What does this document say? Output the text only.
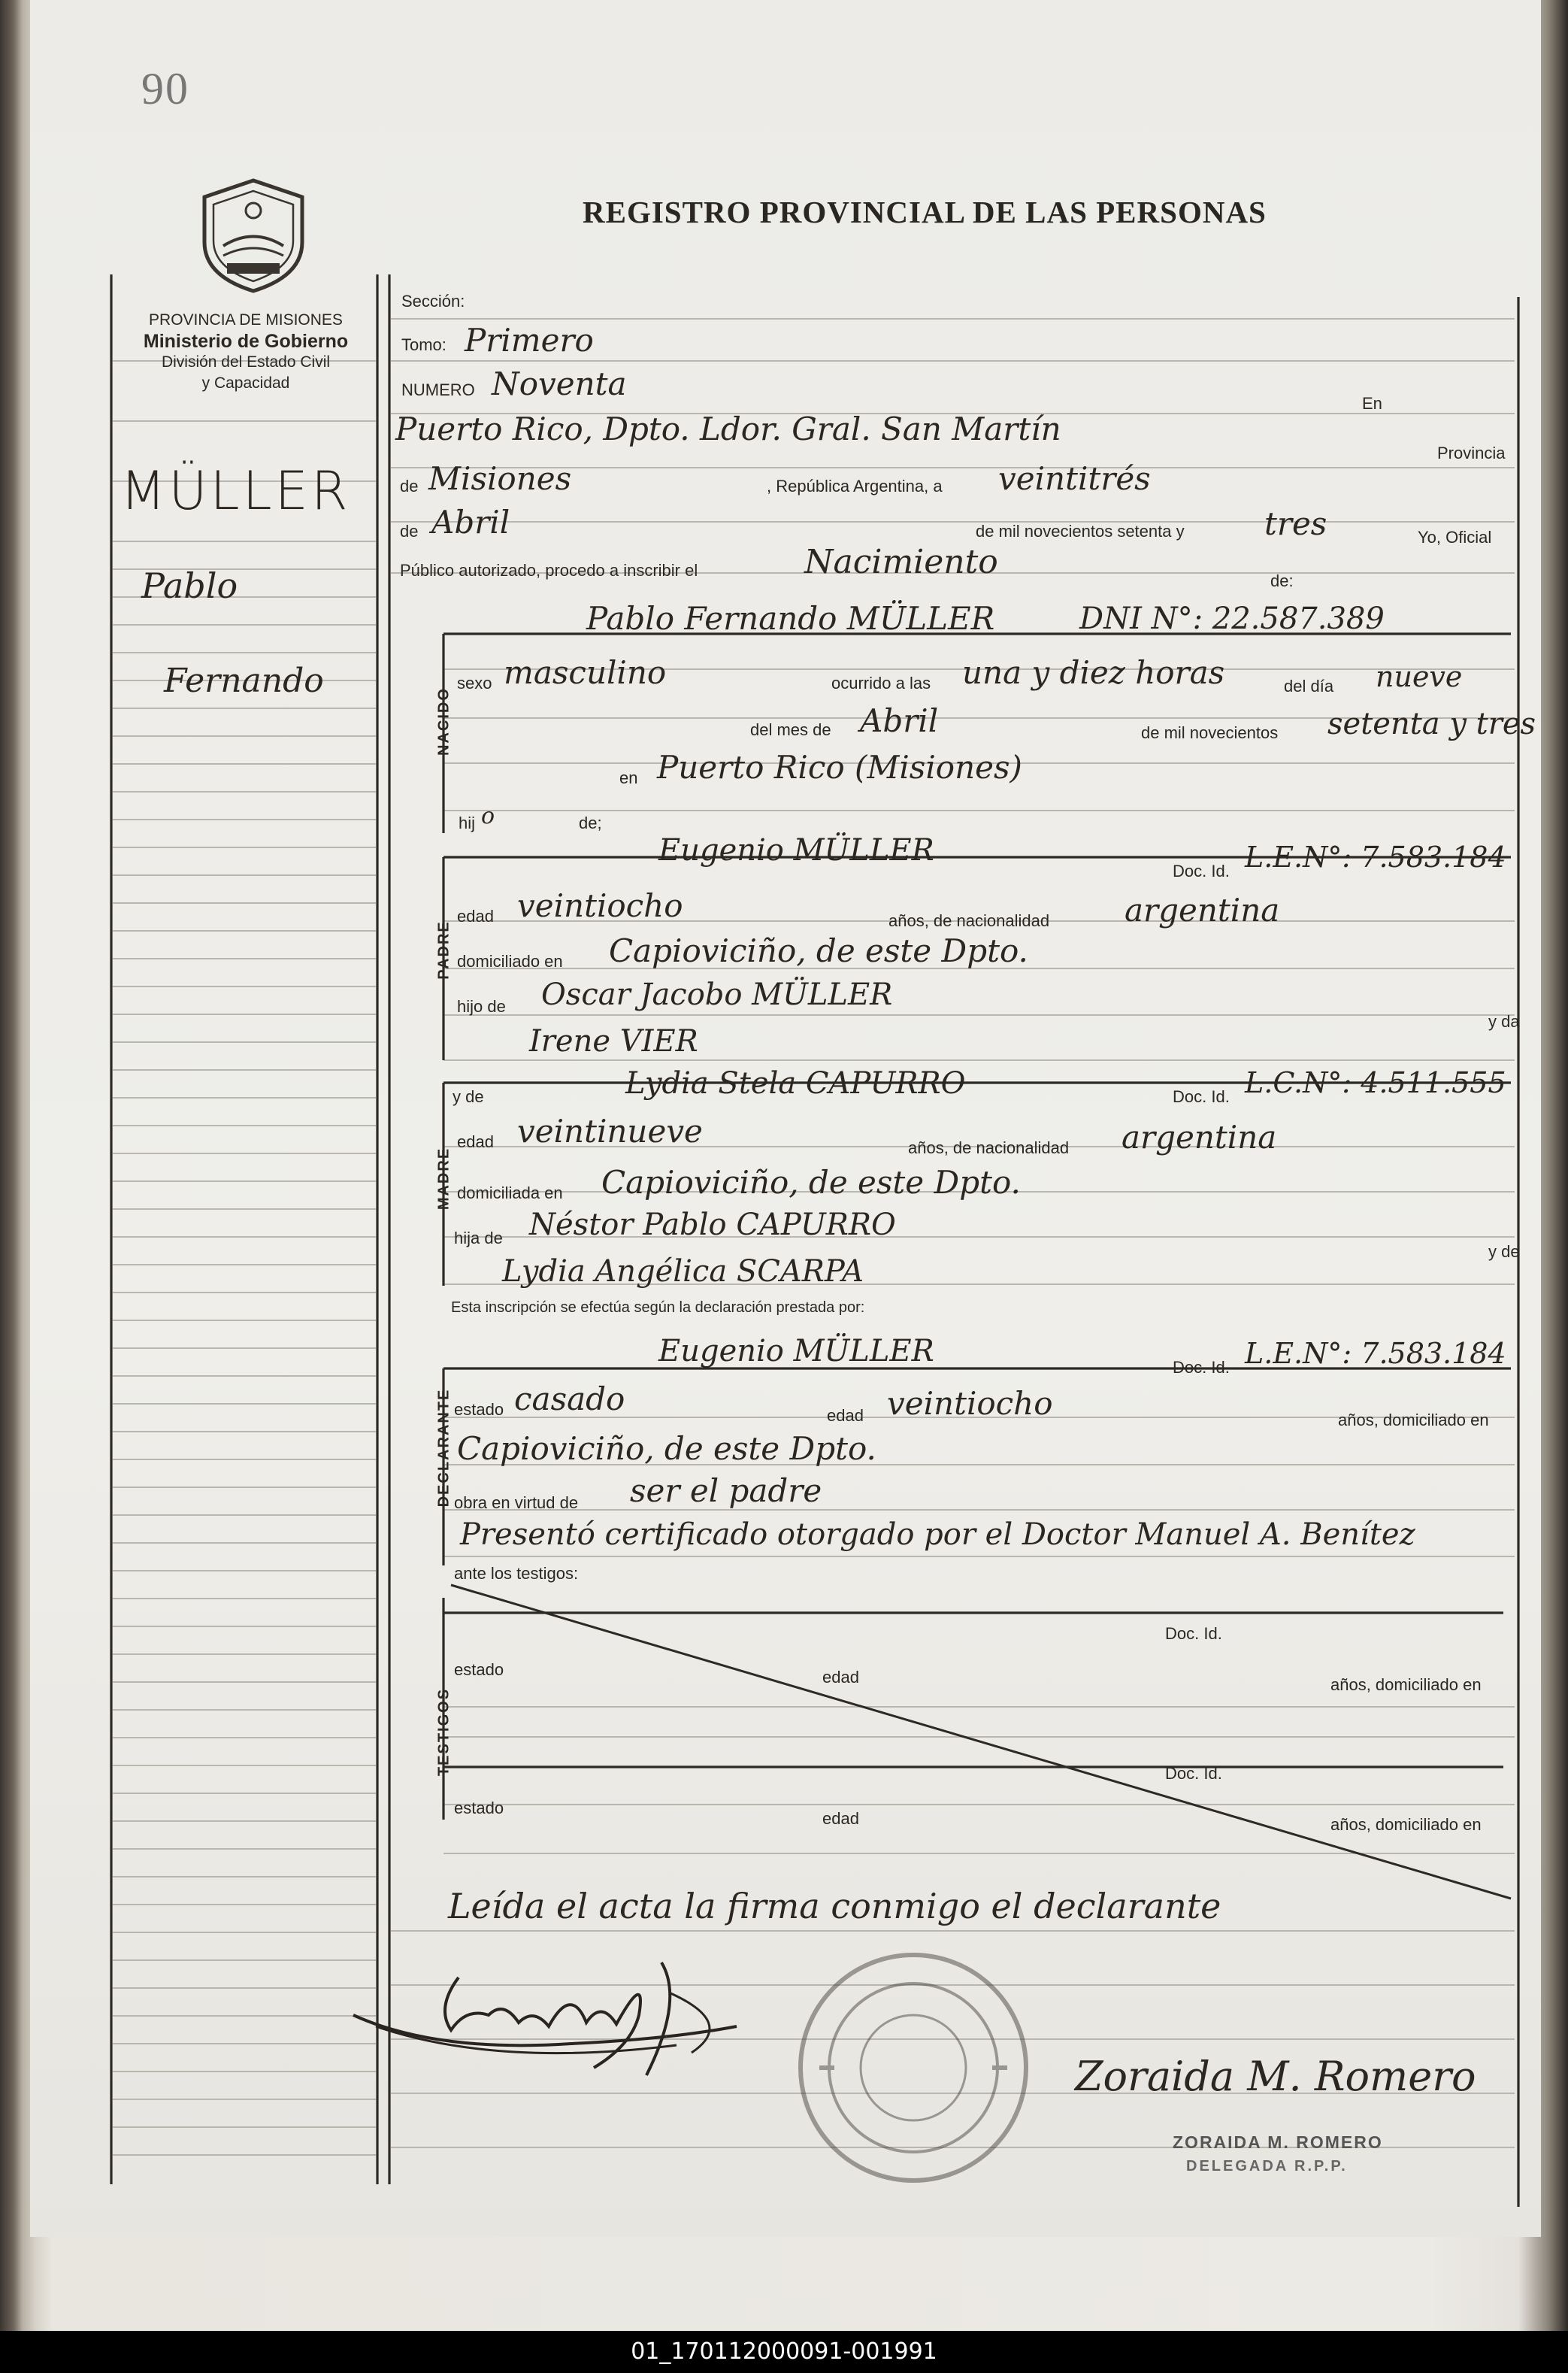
90
PROVINCIA DE MISIONES
Ministerio de Gobierno
División del Estado Civil
y Capacidad
REGISTRO PROVINCIAL DE LAS PERSONAS
MÜLLER
Pablo
Fernando
Sección:
Tomo: Primero
NUMERO Noventa
En
Puerto Rico, Dpto. Ldor. Gral. San Martín
Provincia
de Misiones	, República Argentina, a veintitrés
de Abril	de mil novecientos setenta y	tres	Yo, Oficial
Público autorizado, procedo a inscribir el	Nacimiento	de:
NACIDO
Pablo Fernando MÜLLER	DNI N°: 22.587.389
sexo masculino	ocurrido a las una y diez horas	del día nueve
del mes de Abril	de mil novecientos setenta y tres
en Puerto Rico (Misiones)
hij o	de;
PADRE
Eugenio MÜLLER
Doc. Id. L.E.N°: 7.583.184
edad veintiocho	años, de nacionalidad argentina
domiciliado en Capioviciño, de este Dpto.
hijo de Oscar Jacobo MÜLLER
y da
Irene VIER
MADRE
y de	Lydia Stela CAPURRO	Doc. Id. L.C.N°: 4.511.555
edad veintinueve	años, de nacionalidad argentina
domiciliada en Capioviciño, de este Dpto.
hija de Néstor Pablo CAPURRO
y de
Lydia Angélica SCARPA
Esta inscripción se efectúa según la declaración prestada por:
DECLARANTE
Eugenio MÜLLER	Doc. Id. L.E.N°: 7.583.184
estado casado	edad veintiocho	años, domiciliado en
Capioviciño, de este Dpto.
obra en virtud de ser el padre
Presentó certificado otorgado por el Doctor Manuel A. Benítez
ante los testigos:
TESTIGOS
Doc. Id.
estado	edad	años, domiciliado en
Doc. Id.
estado
edad	años, domiciliado en
Leída el acta la firma conmigo el declarante
Zoraida M. Romero
ZORAIDA M. ROMERO
DELEGADA R.P.P.
01_170112000091-001991
